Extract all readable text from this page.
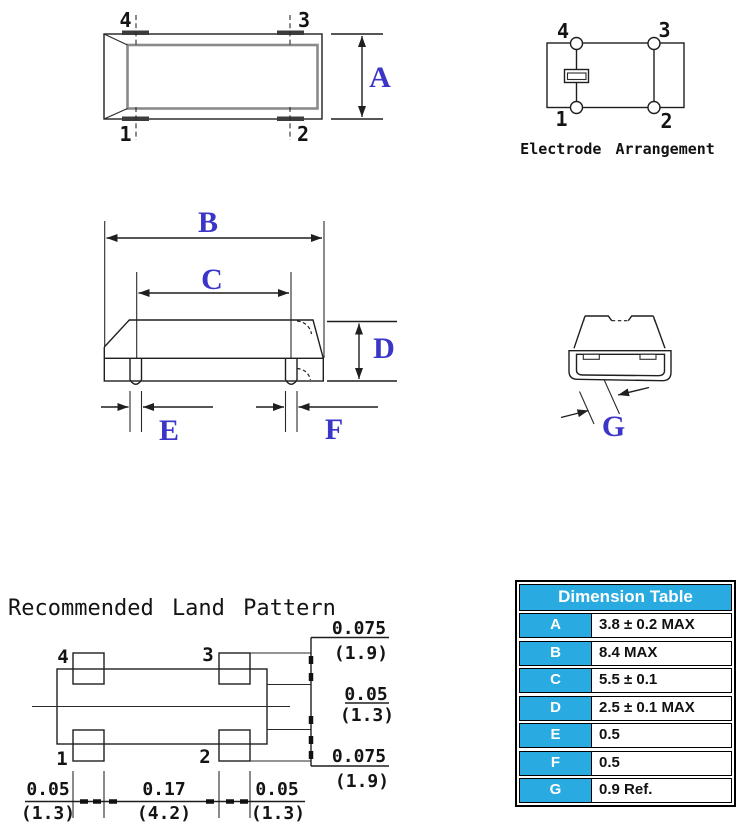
4	3
1	2
A
4	3
1	2
Electrode Arrangement
B
C
D
E	F	G
Recommended Land Pattern
4	3
1	2
0.075
(1.9)
0.05
(1.3)
0.075
(1.9)
0.05
(1.3)
0.17
(4.2)
0.05
(1.3)
Dimension Table
A	3.8 ± 0.2 MAX
B	8.4 MAX
C	5.5 ± 0.1
D	2.5 ± 0.1 MAX
E	0.5
F	0.5
G	0.9 Ref.
